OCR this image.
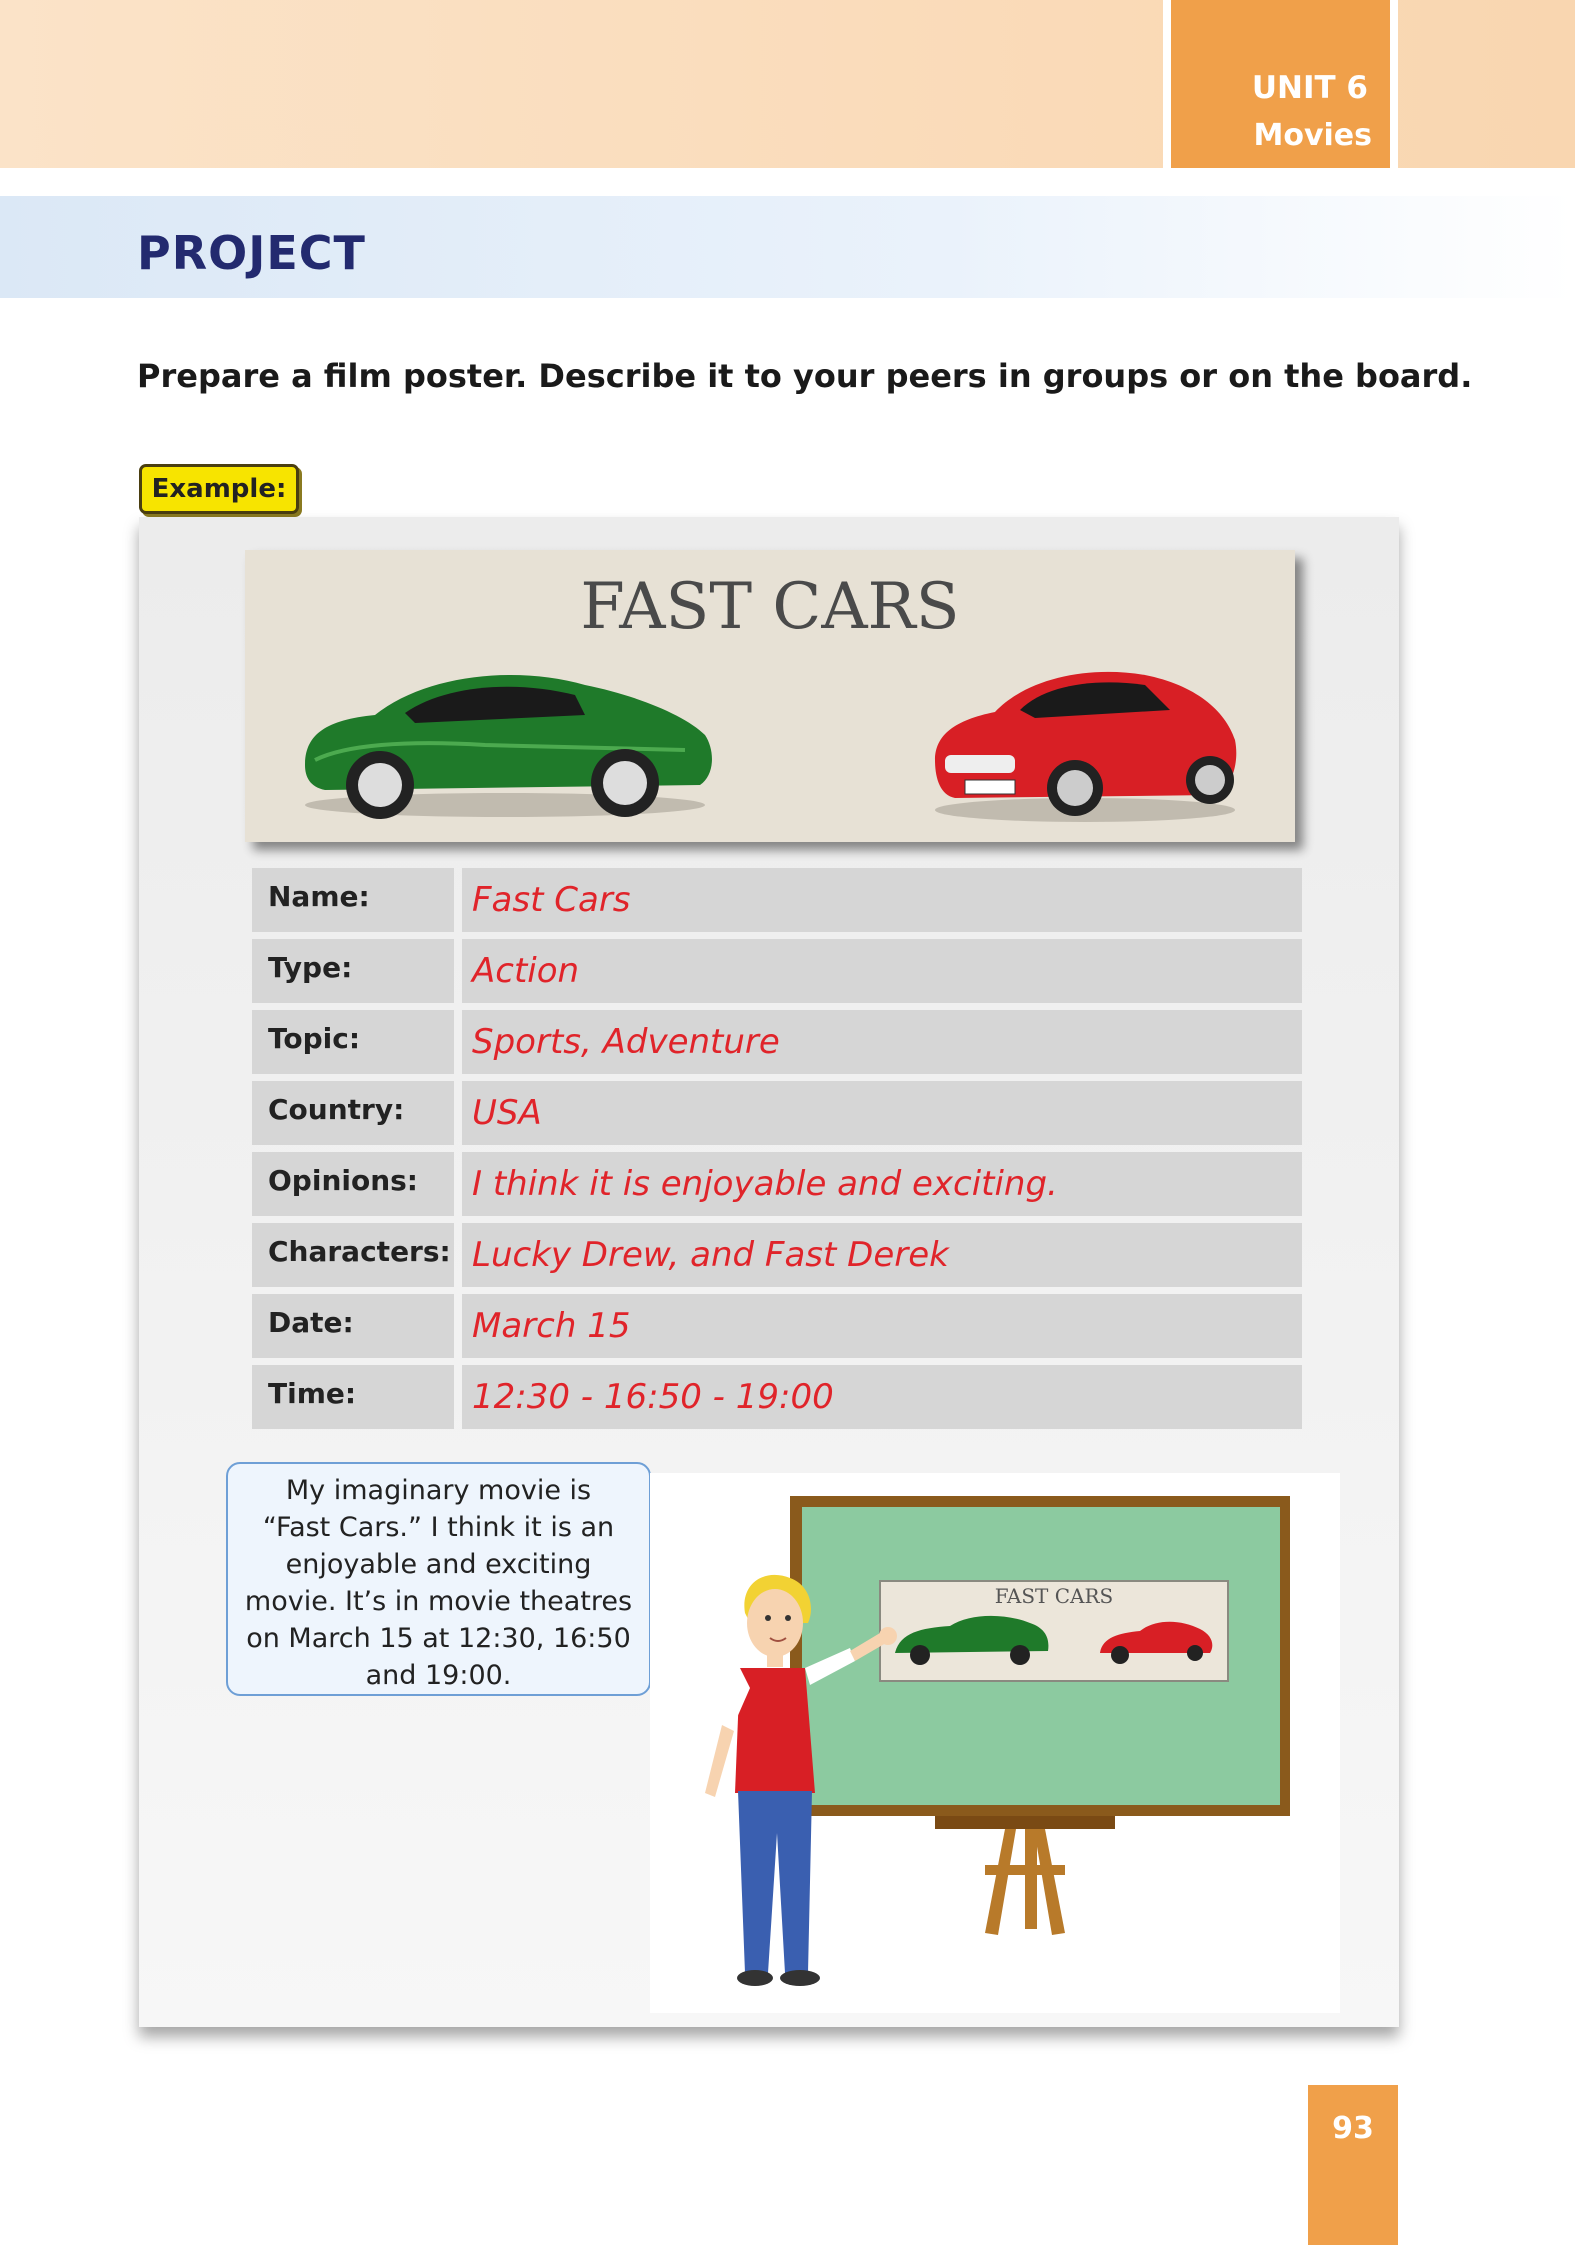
UNIT 6
Movies
PROJECT
Prepare a film poster. Describe it to your peers in groups or on the board.
Example:
FAST CARS
Name:	Fast Cars
Type:	Action
Topic:	Sports, Adventure
Country:	USA
Opinions:	I think it is enjoyable and exciting.
Characters: Lucky Drew, and Fast Derek
Date:	March 15
Time:	12:30 - 16:50 - 19:00
My imaginary movie is
“Fast Cars.” I think it is an
enjoyable and exciting
movie. It’s in movie theatres
on March 15 at 12:30, 16:50
and 19:00.
FAST CARS
93
